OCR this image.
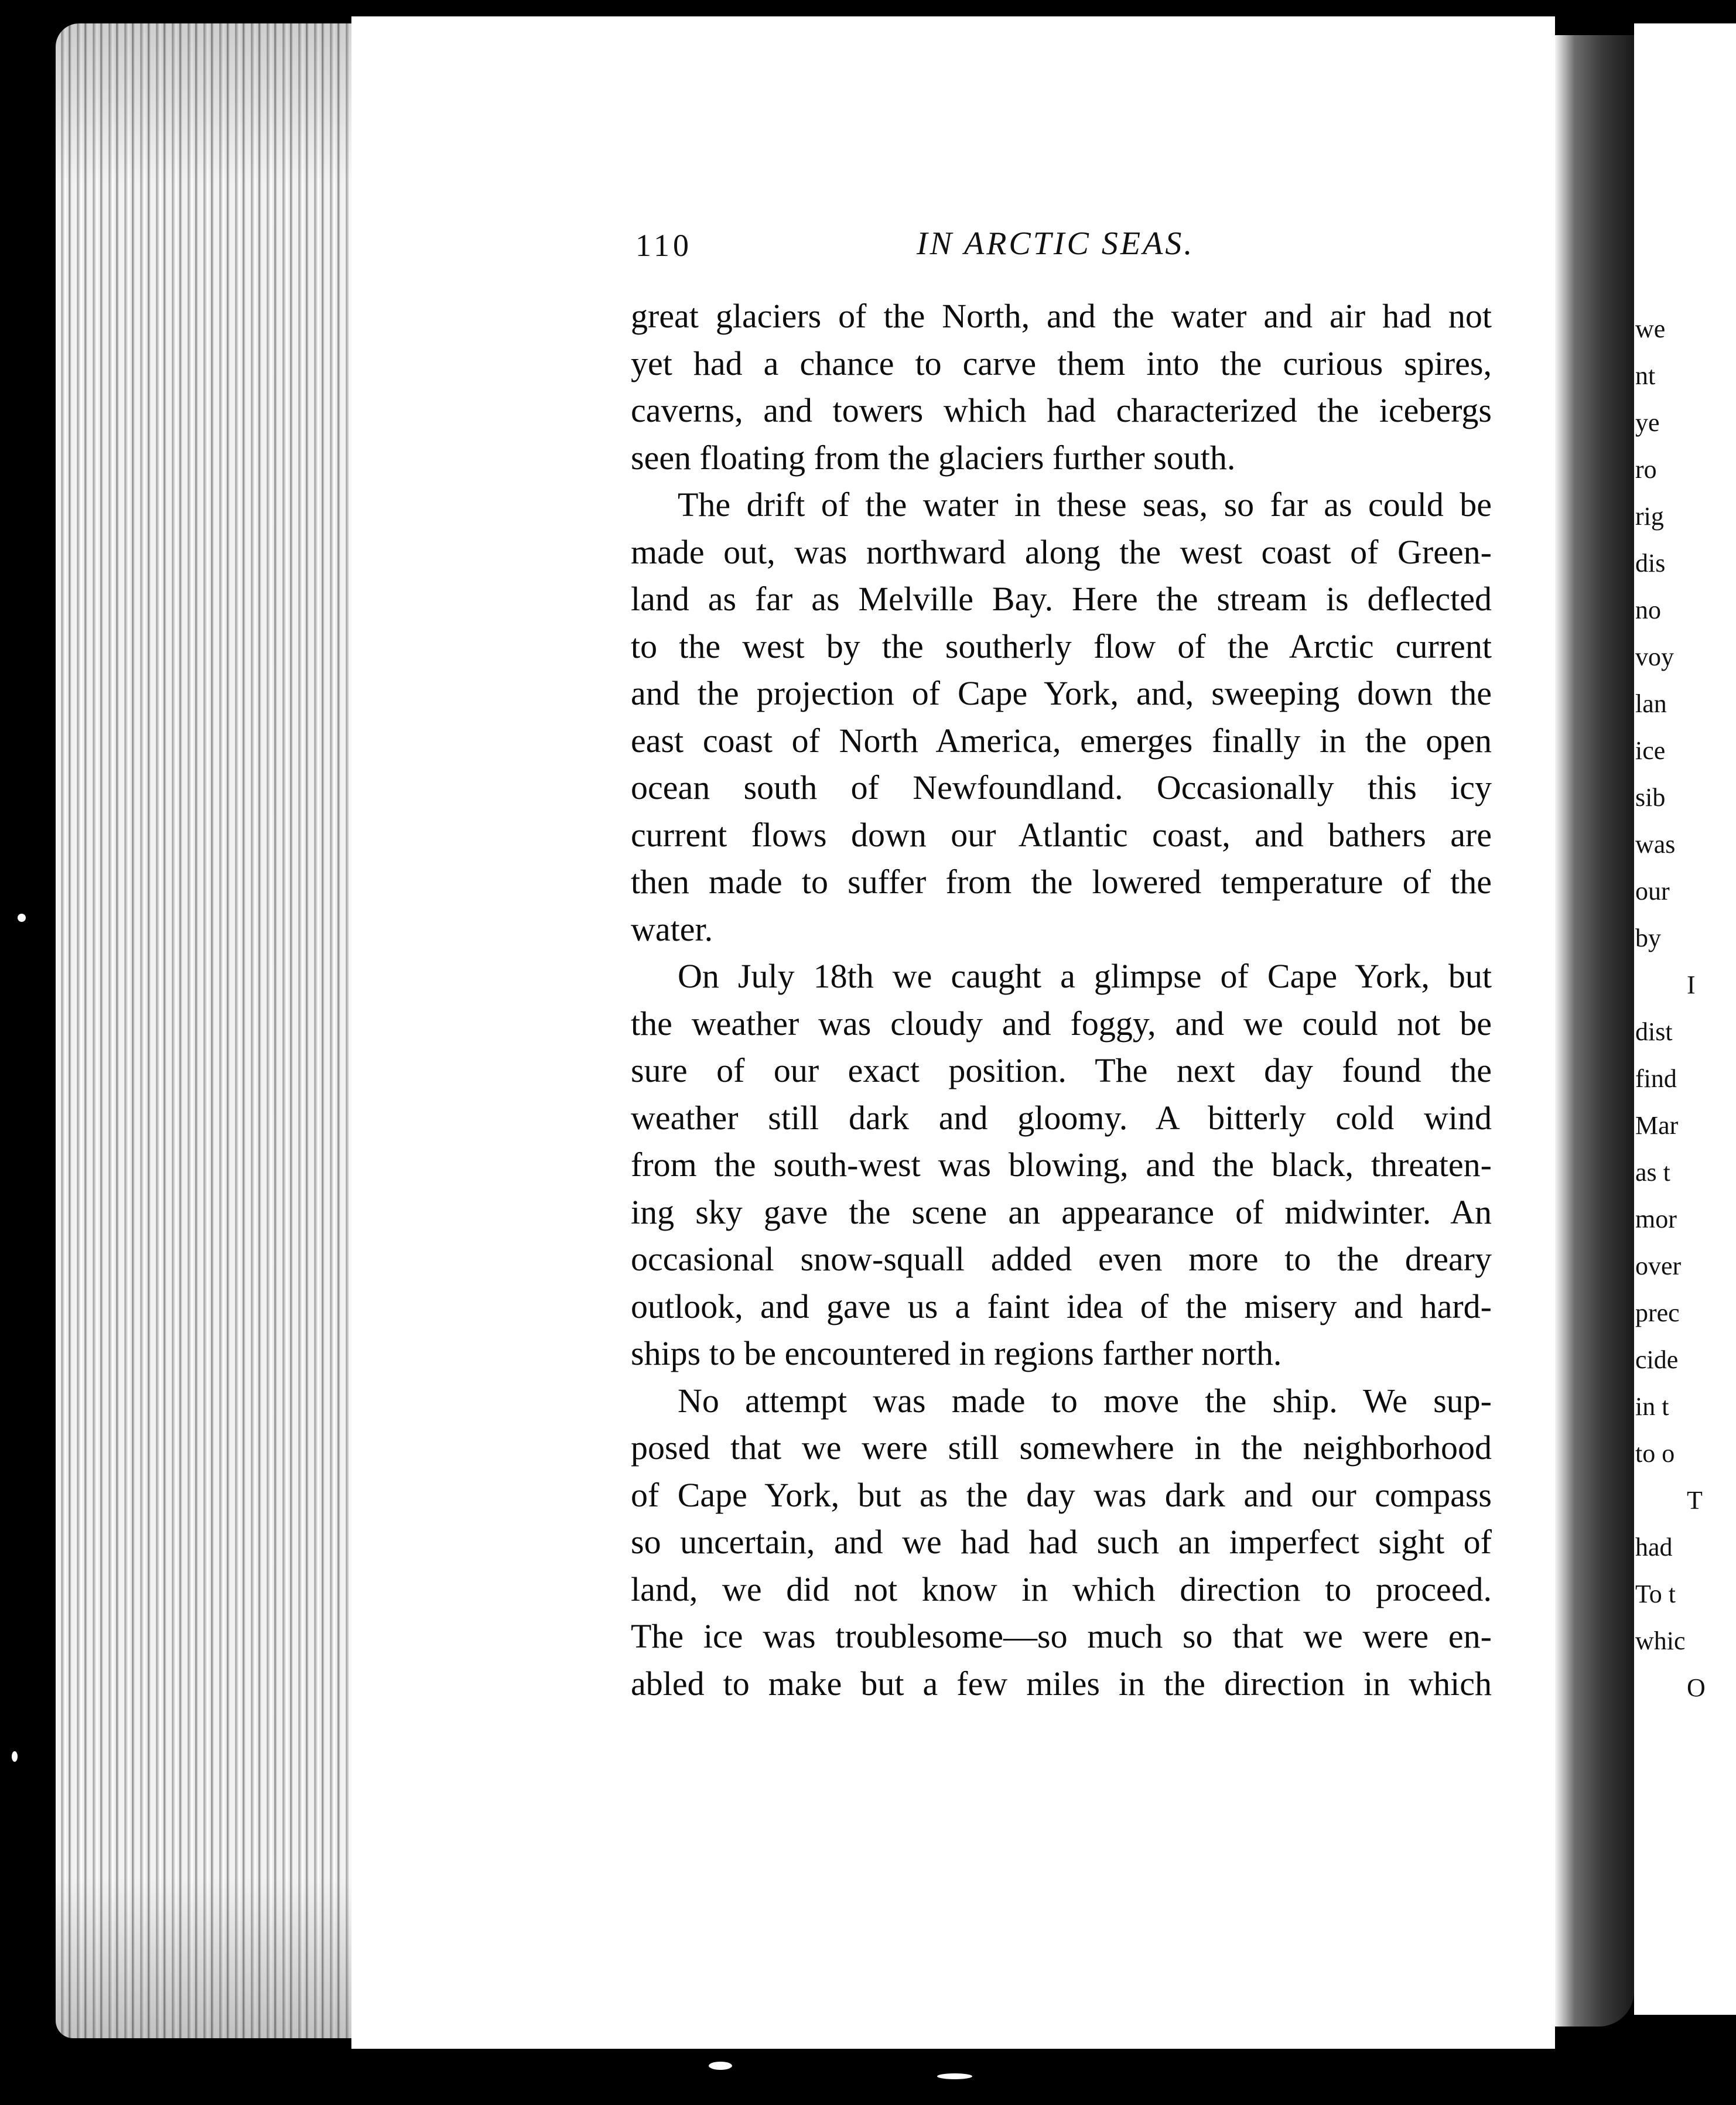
110	IN ARCTIC SEAS.
great glaciers of the North, and the water and air had not
yet had a chance to carve them into the curious spires,
caverns, and towers which had characterized the icebergs
seen floating from the glaciers further south.
The drift of the water in these seas, so far as could be
made out, was northward along the west coast of Green-
land as far as Melville Bay. Here the stream is deflected
to the west by the southerly flow of the Arctic current
and the projection of Cape York, and, sweeping down the
east coast of North America, emerges finally in the open
ocean south of Newfoundland. Occasionally this icy
current flows down our Atlantic coast, and bathers are
then made to suffer from the lowered temperature of the
water.
On July 18th we caught a glimpse of Cape York, but
the weather was cloudy and foggy, and we could not be
sure of our exact position. The next day found the
weather still dark and gloomy. A bitterly cold wind
from the south-west was blowing, and the black, threaten-
ing sky gave the scene an appearance of midwinter. An
occasional snow-squall added even more to the dreary
outlook, and gave us a faint idea of the misery and hard-
ships to be encountered in regions farther north.
No attempt was made to move the ship. We sup-
posed that we were still somewhere in the neighborhood
of Cape York, but as the day was dark and our compass
so uncertain, and we had had such an imperfect sight of
land, we did not know in which direction to proceed.
The ice was troublesome—so much so that we were en-
abled to make but a few miles in the direction in which
we
nt
ye
ro
rig
dis
no
voy
lan
ice
sib
was
our
by
I
dist
find
Mar
as t
mor
over
prec
cide
in t
to o
T
had
To t
whic
O
